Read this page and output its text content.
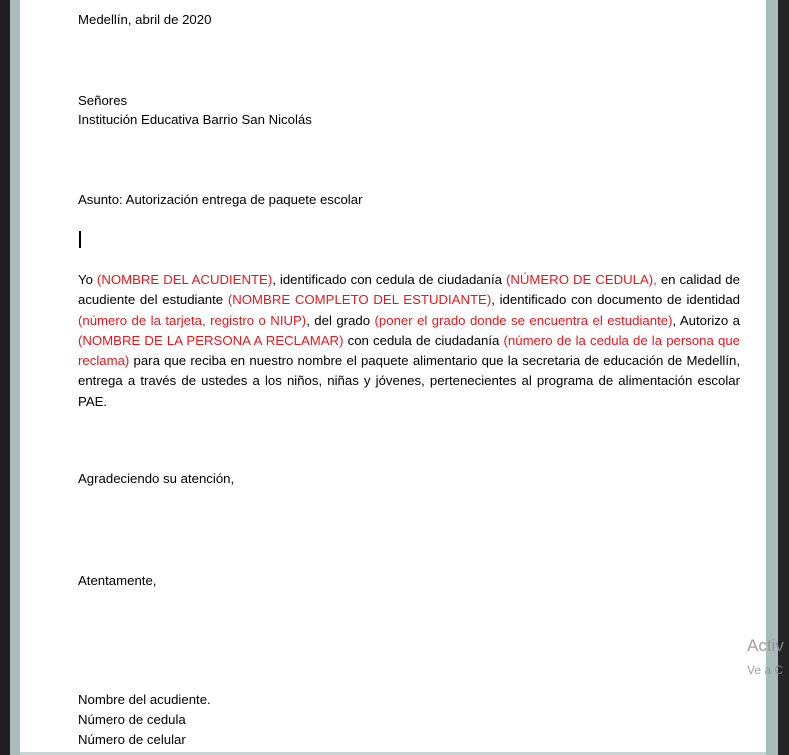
Medellín, abril de 2020
Señores
Institución Educativa Barrio San Nicolás
Asunto: Autorización entrega de paquete escolar
Yo (NOMBRE DEL ACUDIENTE), identificado con cedula de ciudadanía (NÚMERO DE CEDULA), en calidad de acudiente del estudiante (NOMBRE COMPLETO DEL ESTUDIANTE), identificado con documento de identidad (número de la tarjeta, registro o NIUP), del grado (poner el grado donde se encuentra el estudiante), Autorizo a (NOMBRE DE LA PERSONA A RECLAMAR) con cedula de ciudadanía (número de la cedula de la persona que reclama) para que reciba en nuestro nombre el paquete alimentario que la secretaria de educación de Medellín, entrega a través de ustedes a los niños, niñas y jóvenes, pertenecientes al programa de alimentación escolar PAE.
Agradeciendo su atención,
Atentamente,
Nombre del acudiente.
Número de cedula
Número de celular
Activ
Ve a C
